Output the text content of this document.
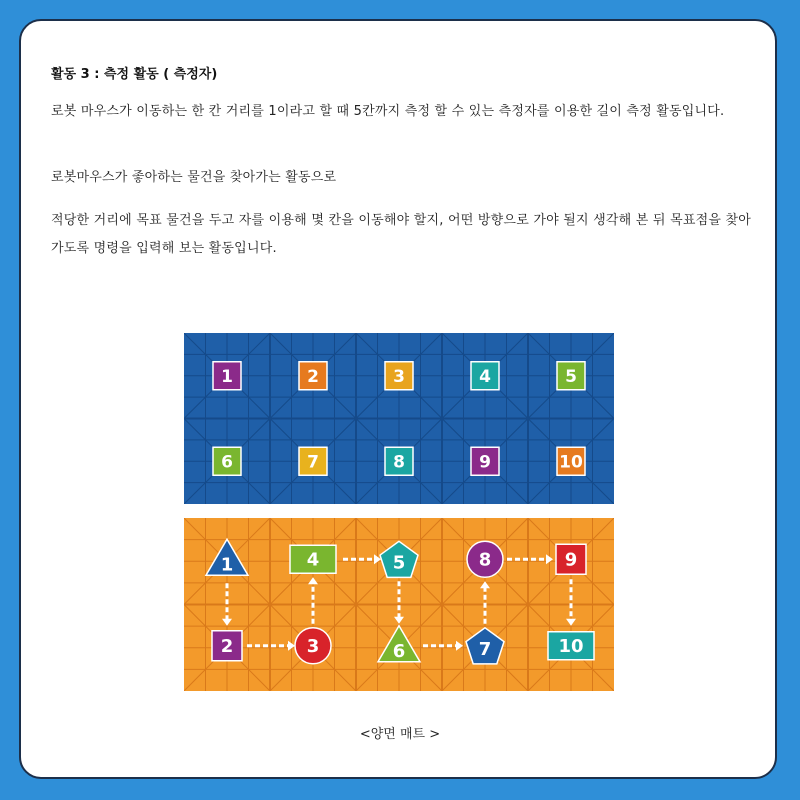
활동 3 : 측정 활동 ( 측정자)
로봇 마우스가 이동하는 한 칸 거리를 1이라고 할 때 5칸까지 측정 할 수 있는 측정자를 이용한 길이 측정 활동입니다.
로봇마우스가 좋아하는 물건을 찾아가는 활동으로
적당한 거리에 목표 물건을 두고 자를 이용해 몇 칸을 이동해야 할지, 어떤 방향으로 가야 될지 생각해 본 뒤 목표점을 찾아가도록 명령을 입력해 보는 활동입니다.
1	2	3	4	5
6	7	8	9	10
1	4	5	8	9
2	3	6	7	10
<양면 매트 >
